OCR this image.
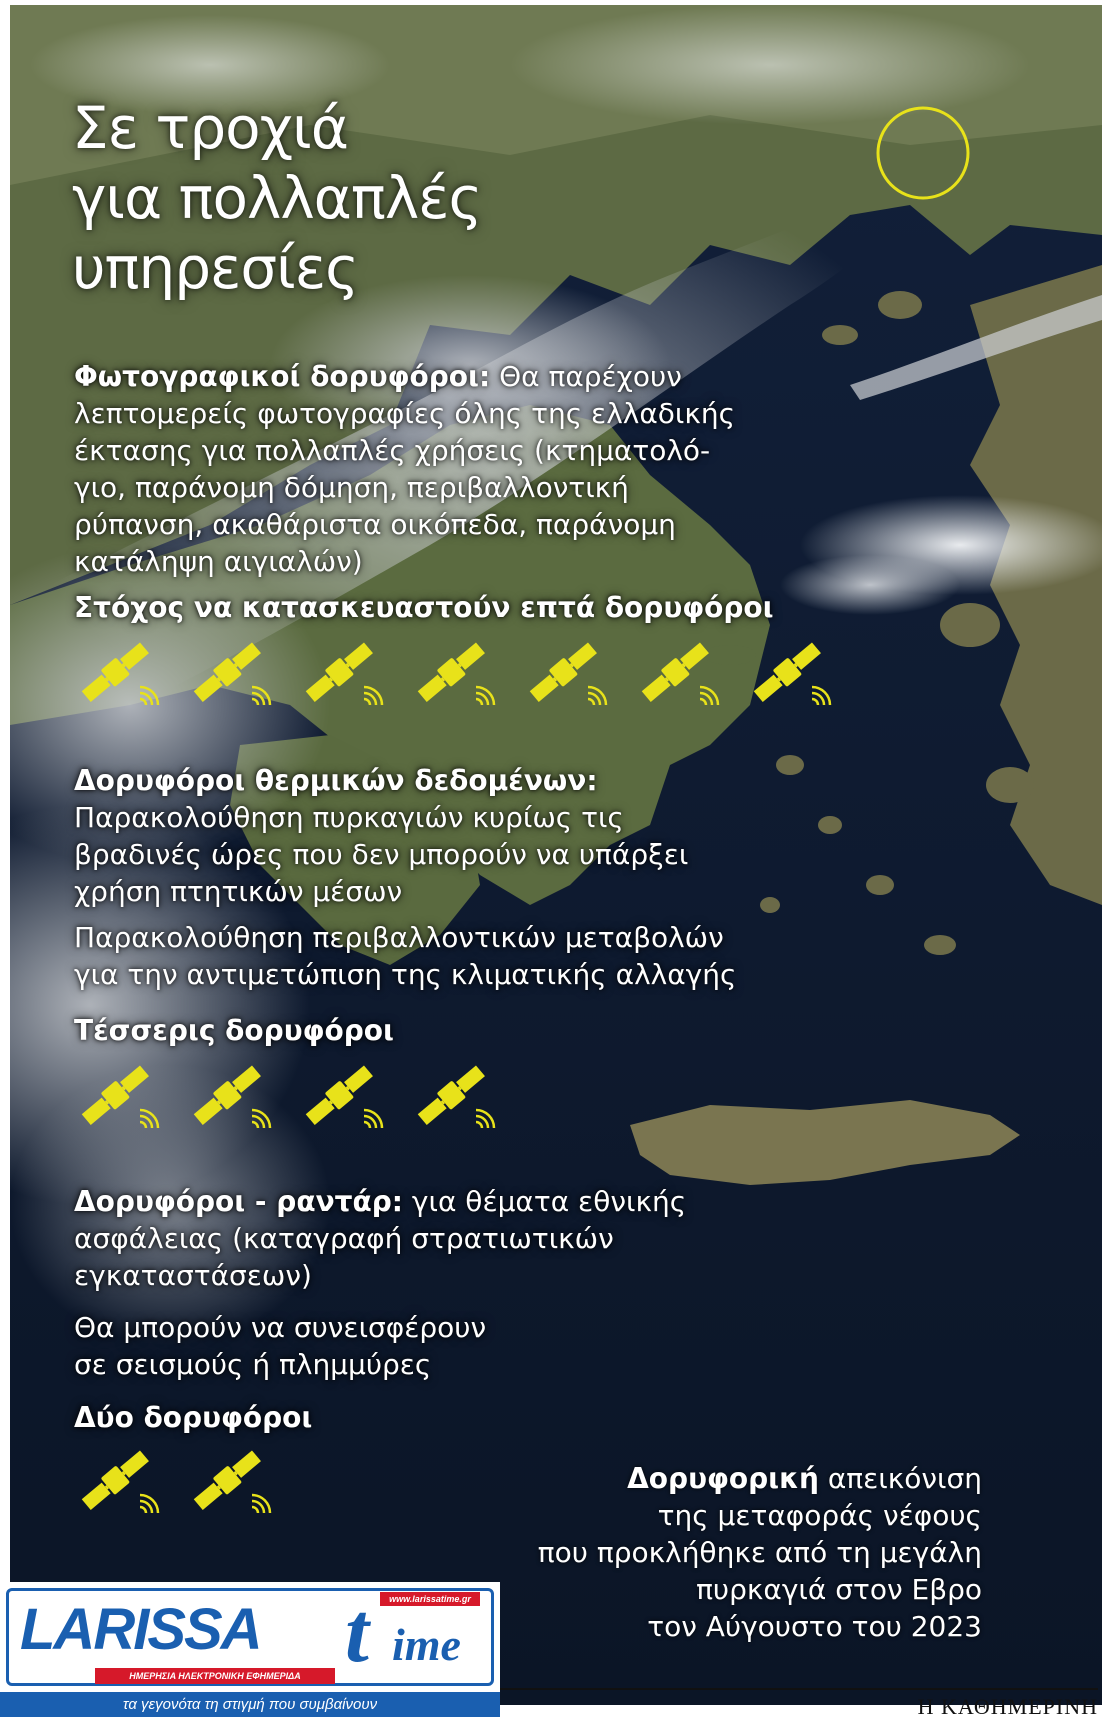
Σε τροχιά
για πολλαπλές
υπηρεσίες
Φωτογραφικοί δορυφόροι: Θα παρέχουν
λεπτομερείς φωτογραφίες όλης της ελλαδικής
έκτασης για πολλαπλές χρήσεις (κτηματολό-
γιο, παράνομη δόμηση, περιβαλλοντική
ρύπανση, ακαθάριστα οικόπεδα, παράνομη
κατάληψη αιγιαλών)
Στόχος να κατασκευαστούν επτά δορυφόροι
Δορυφόροι θερμικών δεδομένων:
Παρακολούθηση πυρκαγιών κυρίως τις
βραδινές ώρες που δεν μπορούν να υπάρξει
χρήση πτητικών μέσων
Παρακολούθηση περιβαλλοντικών μεταβολών
για την αντιμετώπιση της κλιματικής αλλαγής
Τέσσερις δορυφόροι
Δορυφόροι - ραντάρ: για θέματα εθνικής
ασφάλειας (καταγραφή στρατιωτικών
εγκαταστάσεων)
Θα μπορούν να συνεισφέρουν
σε σεισμούς ή πλημμύρες
Δύο δορυφόροι
Δορυφορική απεικόνιση
της μεταφοράς νέφους
που προκλήθηκε από τη μεγάλη
πυρκαγιά στον Εβρο
τον Αύγουστο του 2023
Η ΚΑΘΗΜΕΡΙΝΗ
LARISSA t ime
www.larissatime.gr
ΗΜΕΡΗΣΙΑ ΗΛΕΚΤΡΟΝΙΚΗ ΕΦΗΜΕΡΙΔΑ
τα γεγονότα τη στιγμή που συμβαίνουν
